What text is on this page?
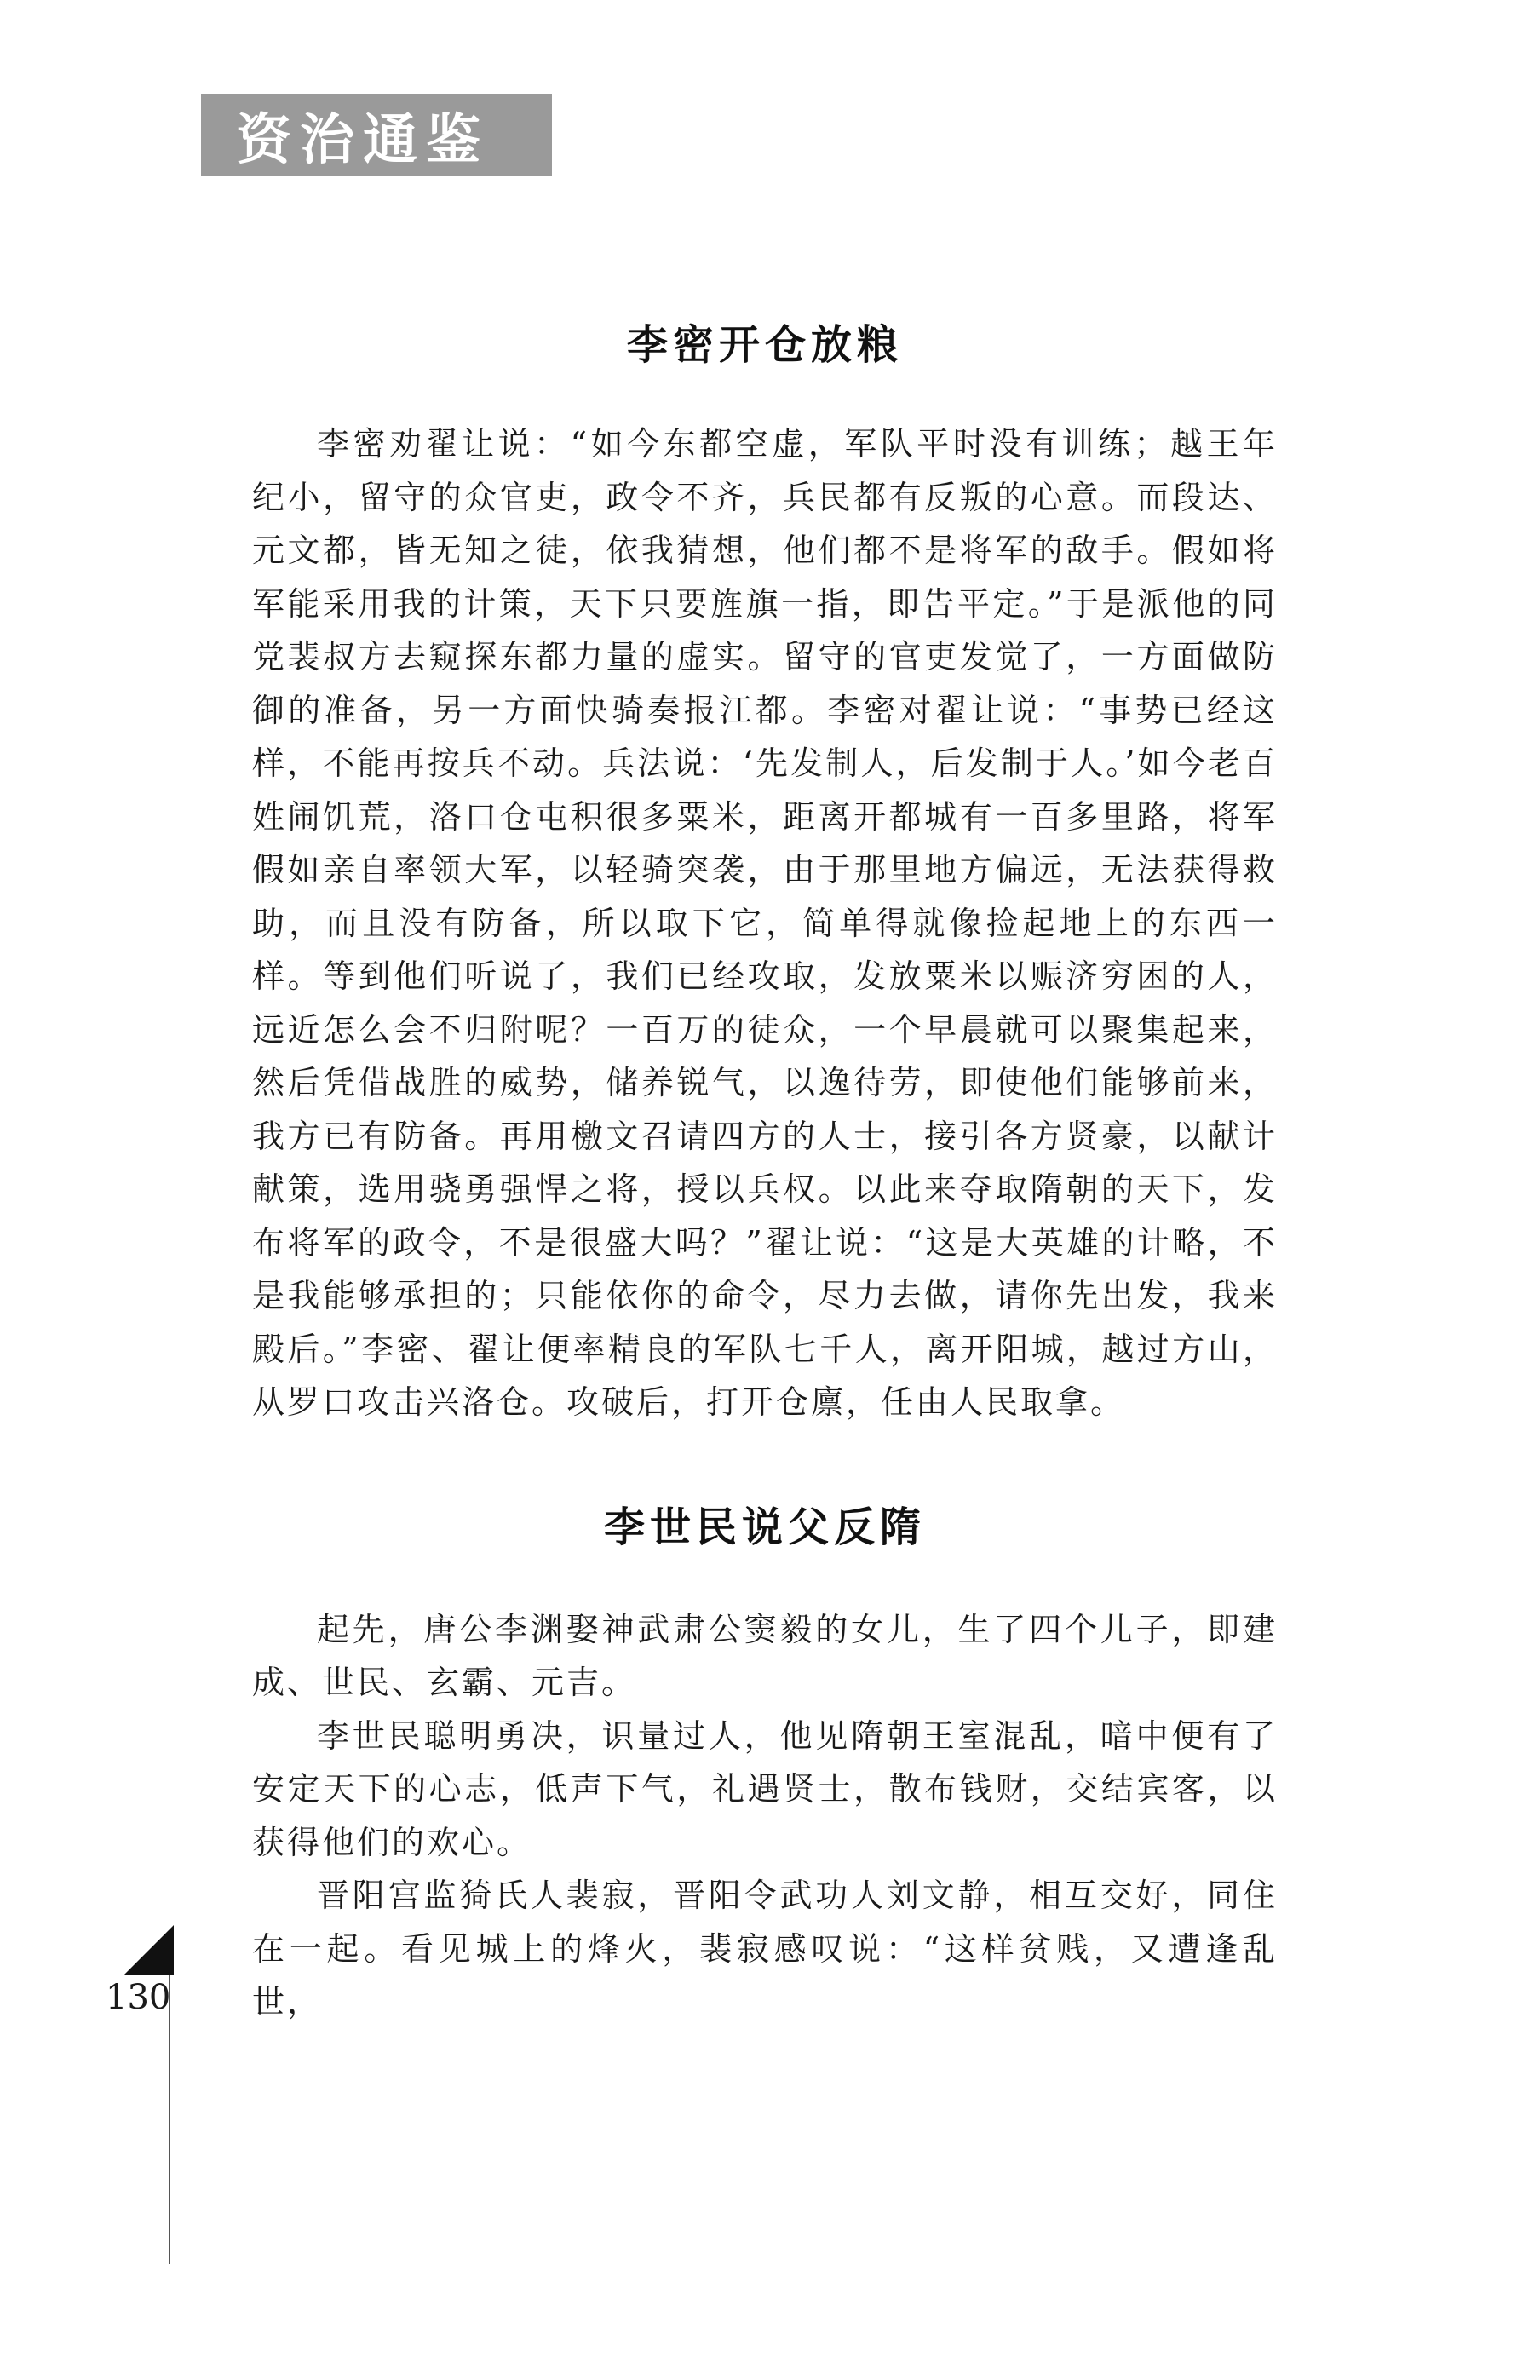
资治通鉴
李密开仓放粮

李密劝翟让说：“如今东都空虚，军队平时没有训练；越王年纪小，留守的众官吏，政令不齐，兵民都有反叛的心意。而段达、元文都，皆无知之徒，依我猜想，他们都不是将军的敌手。假如将军能采用我的计策，天下只要旌旗一指，即告平定。”于是派他的同党裴叔方去窥探东都力量的虚实。留守的官吏发觉了，一方面做防御的准备，另一方面快骑奏报江都。李密对翟让说：“事势已经这样，不能再按兵不动。兵法说：‘先发制人，后发制于人。’如今老百姓闹饥荒，洛口仓屯积很多粟米，距离开都城有一百多里路，将军假如亲自率领大军，以轻骑突袭，由于那里地方偏远，无法获得救助，而且没有防备，所以取下它，简单得就像捡起地上的东西一样。等到他们听说了，我们已经攻取，发放粟米以赈济穷困的人，远近怎么会不归附呢？一百万的徒众，一个早晨就可以聚集起来，然后凭借战胜的威势，储养锐气，以逸待劳，即使他们能够前来，我方已有防备。再用檄文召请四方的人士，接引各方贤豪，以献计献策，选用骁勇强悍之将，授以兵权。以此来夺取隋朝的天下，发布将军的政令，不是很盛大吗？”翟让说：“这是大英雄的计略，不是我能够承担的；只能依你的命令，尽力去做，请你先出发，我来殿后。”李密、翟让便率精良的军队七千人，离开阳城，越过方山，从罗口攻击兴洛仓。攻破后，打开仓廪，任由人民取拿。

李世民说父反隋

起先，唐公李渊娶神武肃公窦毅的女儿，生了四个儿子，即建成、世民、玄霸、元吉。

李世民聪明勇决，识量过人，他见隋朝王室混乱，暗中便有了安定天下的心志，低声下气，礼遇贤士，散布钱财，交结宾客，以获得他们的欢心。

晋阳宫监猗氏人裴寂，晋阳令武功人刘文静，相互交好，同住在一起。看见城上的烽火，裴寂感叹说：“这样贫贱，又遭逢乱世，

130
